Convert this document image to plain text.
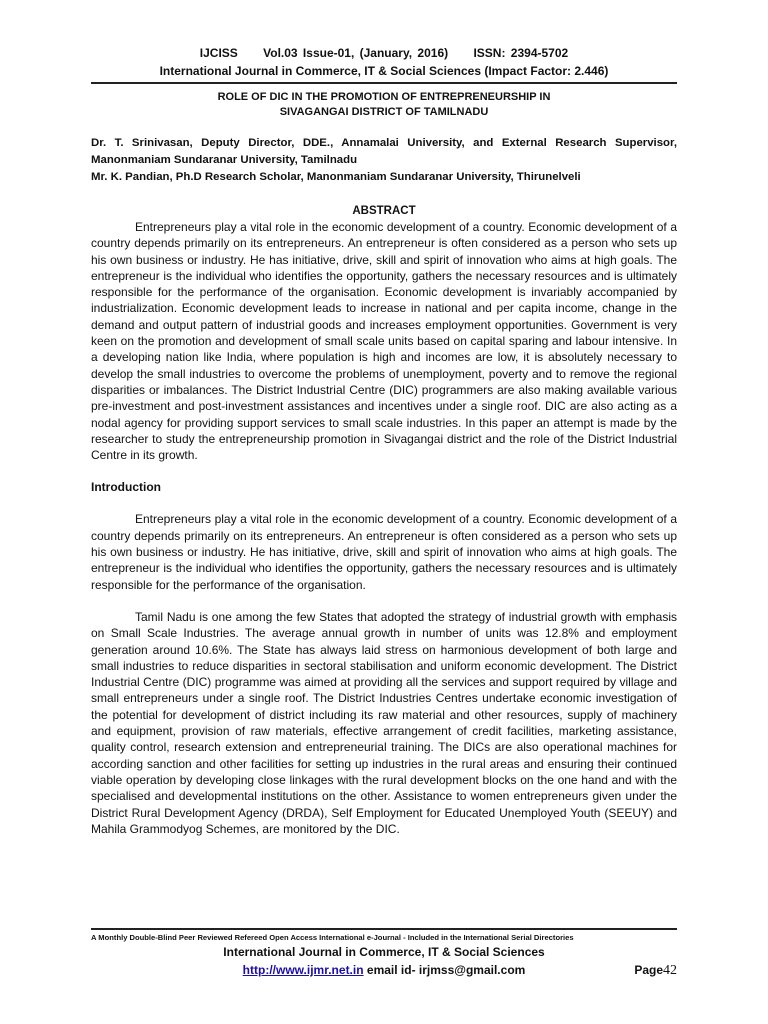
IJCISS Vol.03 Issue-01, (January, 2016) ISSN: 2394-5702
International Journal in Commerce, IT & Social Sciences (Impact Factor: 2.446)
ROLE OF DIC IN THE PROMOTION OF ENTREPRENEURSHIP IN
SIVAGANGAI DISTRICT OF TAMILNADU
Dr. T. Srinivasan, Deputy Director, DDE., Annamalai University, and External Research Supervisor, Manonmaniam Sundaranar University, Tamilnadu
Mr. K. Pandian, Ph.D Research Scholar, Manonmaniam Sundaranar University, Thirunelveli
ABSTRACT

Entrepreneurs play a vital role in the economic development of a country. Economic development of a country depends primarily on its entrepreneurs. An entrepreneur is often considered as a person who sets up his own business or industry. He has initiative, drive, skill and spirit of innovation who aims at high goals. The entrepreneur is the individual who identifies the opportunity, gathers the necessary resources and is ultimately responsible for the performance of the organisation. Economic development is invariably accompanied by industrialization. Economic development leads to increase in national and per capita income, change in the demand and output pattern of industrial goods and increases employment opportunities. Government is very keen on the promotion and development of small scale units based on capital sparing and labour intensive. In a developing nation like India, where population is high and incomes are low, it is absolutely necessary to develop the small industries to overcome the problems of unemployment, poverty and to remove the regional disparities or imbalances. The District Industrial Centre (DIC) programmers are also making available various pre-investment and post-investment assistances and incentives under a single roof. DIC are also acting as a nodal agency for providing support services to small scale industries. In this paper an attempt is made by the researcher to study the entrepreneurship promotion in Sivagangai district and the role of the District Industrial Centre in its growth.

Introduction

Entrepreneurs play a vital role in the economic development of a country. Economic development of a country depends primarily on its entrepreneurs. An entrepreneur is often considered as a person who sets up his own business or industry. He has initiative, drive, skill and spirit of innovation who aims at high goals. The entrepreneur is the individual who identifies the opportunity, gathers the necessary resources and is ultimately responsible for the performance of the organisation.

Tamil Nadu is one among the few States that adopted the strategy of industrial growth with emphasis on Small Scale Industries. The average annual growth in number of units was 12.8% and employment generation around 10.6%. The State has always laid stress on harmonious development of both large and small industries to reduce disparities in sectoral stabilisation and uniform economic development. The District Industrial Centre (DIC) programme was aimed at providing all the services and support required by village and small entrepreneurs under a single roof. The District Industries Centres undertake economic investigation of the potential for development of district including its raw material and other resources, supply of machinery and equipment, provision of raw materials, effective arrangement of credit facilities, marketing assistance, quality control, research extension and entrepreneurial training. The DICs are also operational machines for according sanction and other facilities for setting up industries in the rural areas and ensuring their continued viable operation by developing close linkages with the rural development blocks on the one hand and with the specialised and developmental institutions on the other. Assistance to women entrepreneurs given under the District Rural Development Agency (DRDA), Self Employment for Educated Unemployed Youth (SEEUY) and Mahila Grammodyog Schemes, are monitored by the DIC.

A Monthly Double-Blind Peer Reviewed Refereed Open Access International e-Journal - Included in the International Serial Directories
International Journal in Commerce, IT & Social Sciences
http://www.ijmr.net.in email id- irjmss@gmail.com	Page42
